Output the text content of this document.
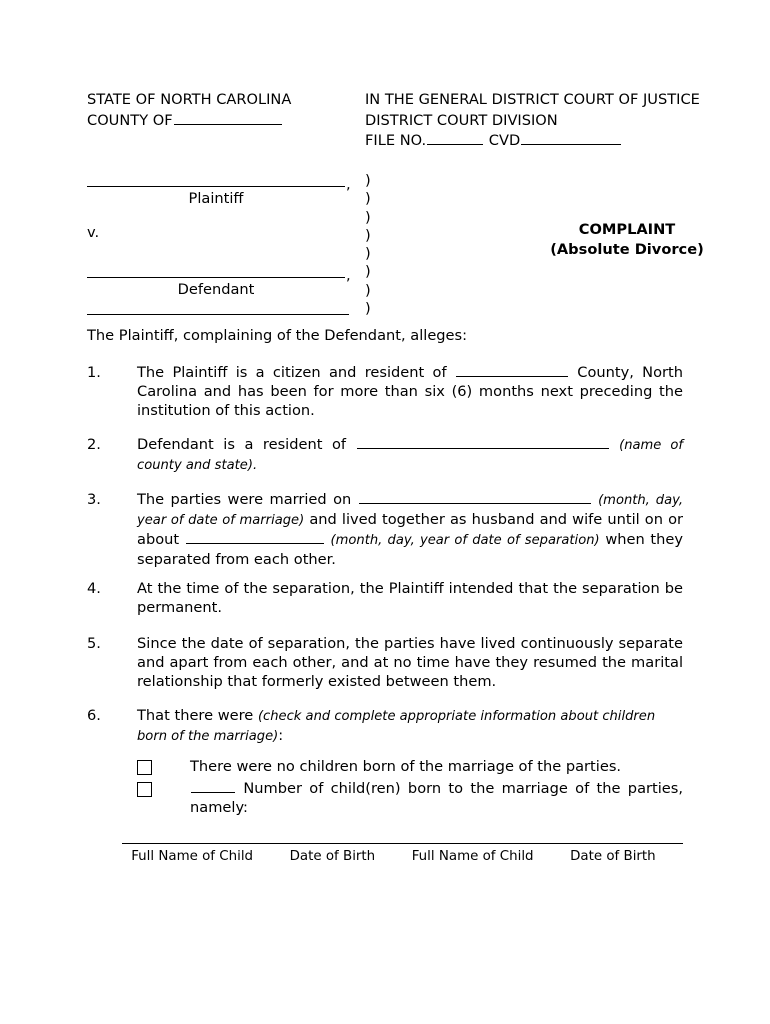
STATE OF NORTH CAROLINA
COUNTY OF
IN THE GENERAL DISTRICT COURT OF JUSTICE
DISTRICT COURT DIVISION
FILE NO.	CVD
,
Plaintiff
v.
,
Defendant
)
)
)
)
)
)
)
)
COMPLAINT
(Absolute Divorce)
The Plaintiff, complaining of the Defendant, alleges:
1.	The Plaintiff is a citizen and resident of	County, North Carolina and has been for more than six (6) months next preceding the institution of this action.
2.	Defendant is a resident of	(name of county and state).
3.	The parties were married on	(month, day, year of date of marriage) and lived together as husband and wife until on or about	(month, day, year of date of separation) when they separated from each other.
4.	At the time of the separation, the Plaintiff intended that the separation be permanent.
5.	Since the date of separation, the parties have lived continuously separate and apart from each other, and at no time have they resumed the marital relationship that formerly existed between them.
6.	That there were (check and complete appropriate information about children born of the marriage):
There were no children born of the marriage of the parties.
Number of child(ren) born to the marriage of the parties, namely:
Full Name of Child	Date of Birth	Full Name of Child	Date of Birth
